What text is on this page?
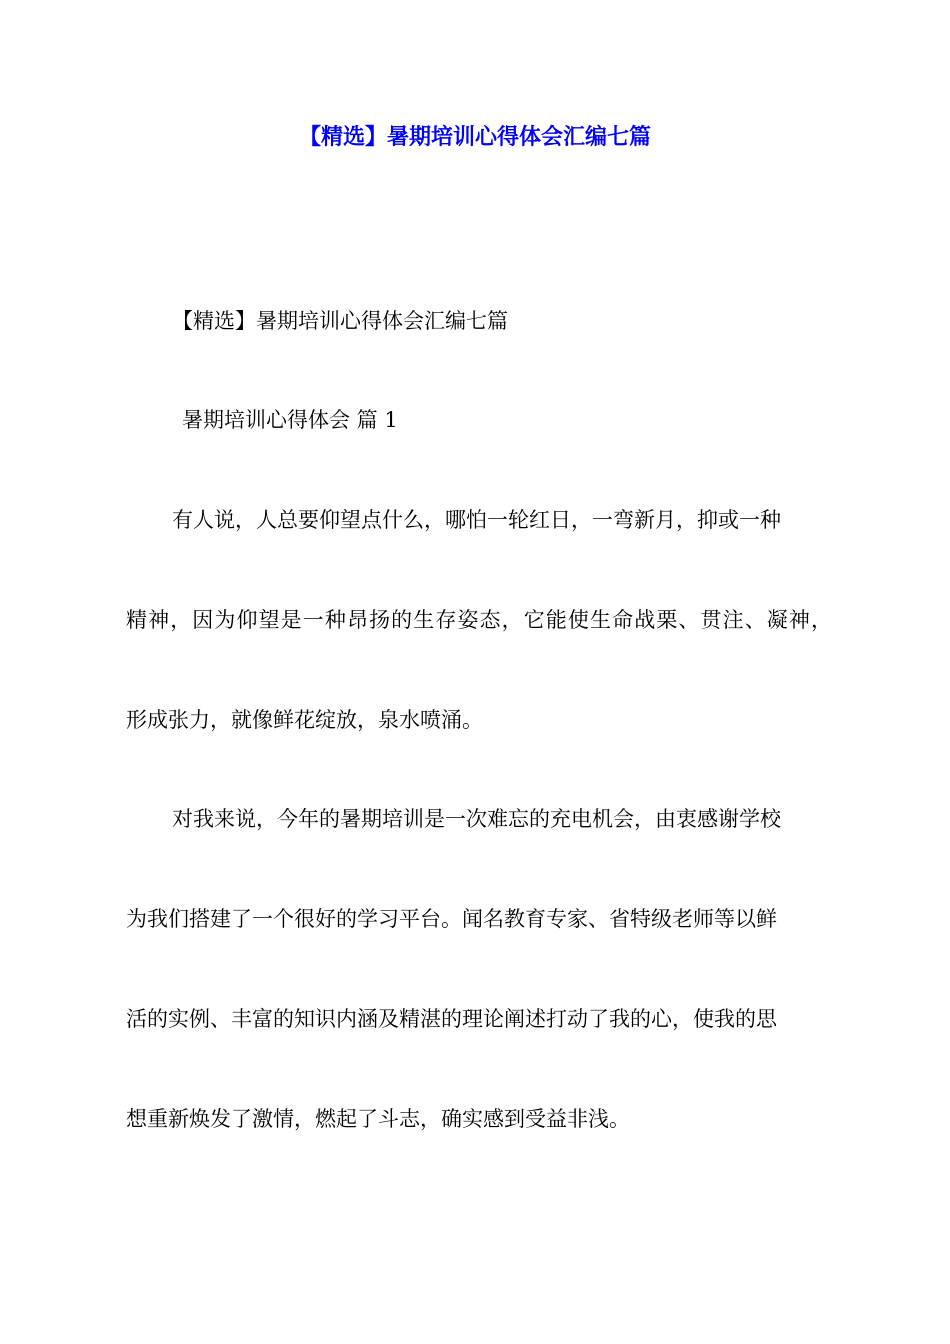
【精选】暑期培训心得体会汇编七篇

【精选】暑期培训心得体会汇编七篇

暑期培训心得体会 篇 1

有人说，人总要仰望点什么，哪怕一轮红日，一弯新月，抑或一种

精神，因为仰望是一种昂扬的生存姿态，它能使生命战栗、贯注、凝神，

形成张力，就像鲜花绽放，泉水喷涌。

对我来说，今年的暑期培训是一次难忘的充电机会，由衷感谢学校

为我们搭建了一个很好的学习平台。闻名教育专家、省特级老师等以鲜

活的实例、丰富的知识内涵及精湛的理论阐述打动了我的心，使我的思

想重新焕发了激情，燃起了斗志，确实感到受益非浅。
